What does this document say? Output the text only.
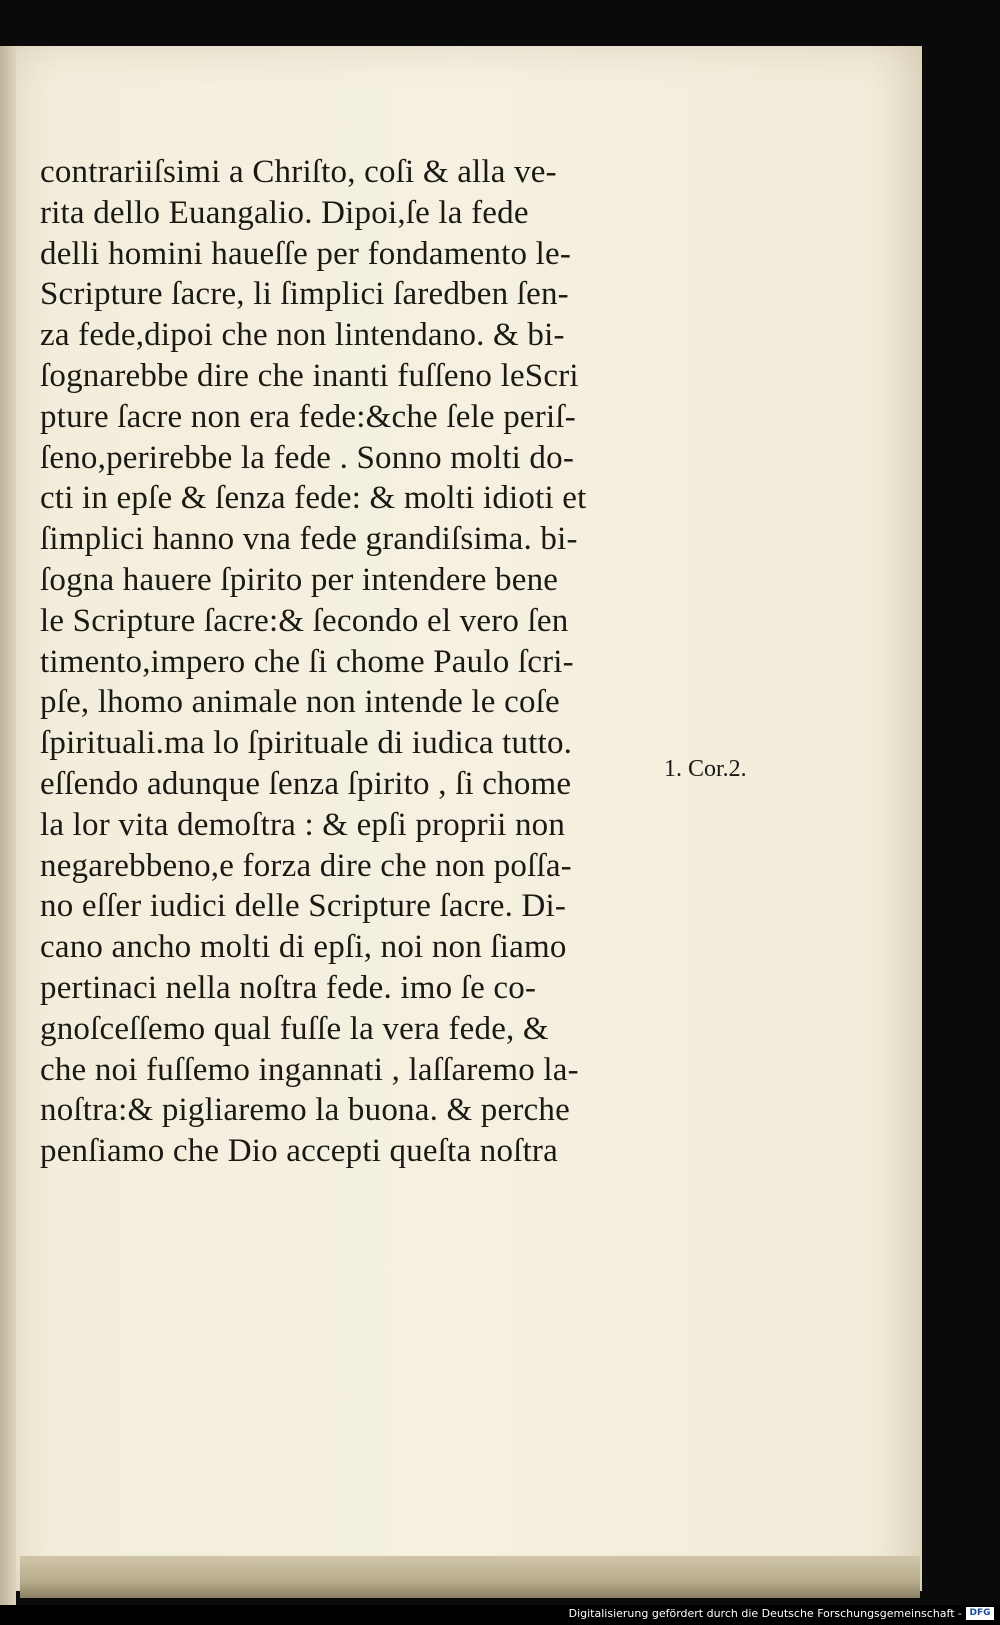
contrariiſsimi a Chriſto, coſi & alla ve-
rita dello Euangalio. Dipoi,ſe la fede
delli homini haueſſe per fondamento le-
Scripture ſacre, li ſimplici ſaredben ſen-
za fede,dipoi che non lintendano. & bi-
ſognarebbe dire che inanti fuſſeno leScri
pture ſacre non era fede:&che ſele periſ-
ſeno,perirebbe la fede . Sonno molti do-
cti in epſe & ſenza fede: & molti idioti et
ſimplici hanno vna fede grandiſsima. bi-
ſogna hauere ſpirito per intendere bene
le Scripture ſacre:& ſecondo el vero ſen
timento,impero che ſi chome Paulo ſcri-
pſe, lhomo animale non intende le coſe
ſpirituali.ma lo ſpirituale di iudica tutto.
eſſendo adunque ſenza ſpirito , ſi chome
la lor vita demoſtra : & epſi proprii non
negarebbeno,e forza dire che non poſſa-
no eſſer iudici delle Scripture ſacre. Di-
cano ancho molti di epſi, noi non ſiamo
pertinaci nella noſtra fede. imo ſe co-
gnoſceſſemo qual fuſſe la vera fede, &
che noi fuſſemo ingannati , laſſaremo la-
noſtra:& pigliaremo la buona. & perche
penſiamo che Dio accepti queſta noſtra
1. Cor.2.
Digitalisierung gefördert durch die Deutsche Forschungsgemeinschaft - DFG
